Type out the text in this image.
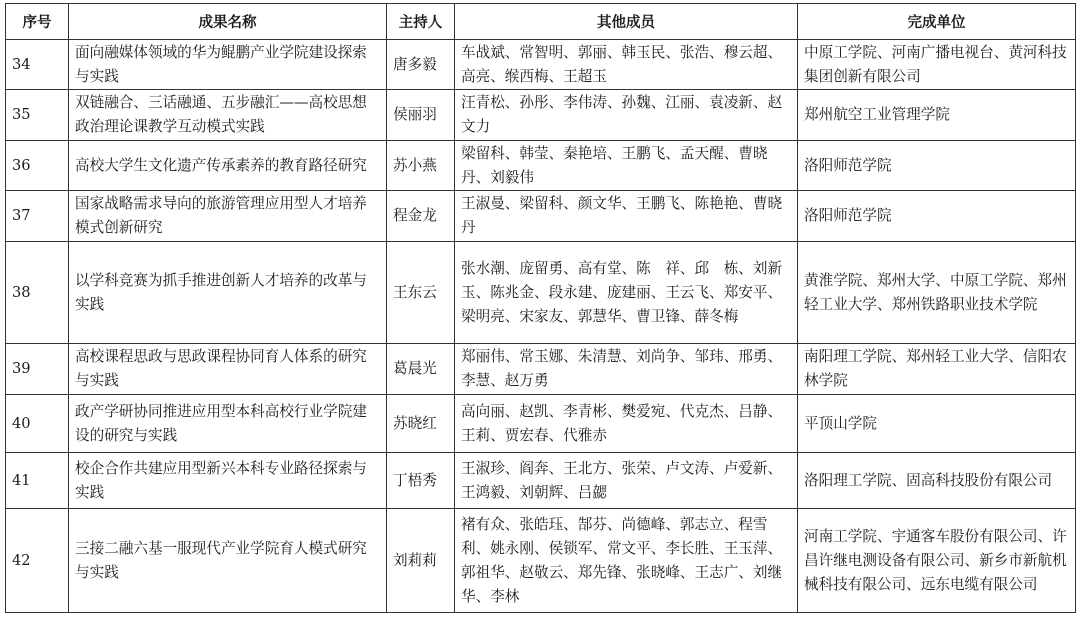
序号	成果名称	主持人	其他成员	完成单位
34	面向融媒体领域的华为鲲鹏产业学院建设探索与实践	唐多毅	车战斌、常智明、郭丽、韩玉民、张浩、穆云超、高亮、缑西梅、王超玉	中原工学院、河南广播电视台、黄河科技集团创新有限公司
35	双链融合、三话融通、五步融汇——高校思想政治理论课教学互动模式实践	侯丽羽	汪青松、孙彤、李伟涛、孙魏、江丽、袁凌新、赵文力	郑州航空工业管理学院
36	高校大学生文化遗产传承素养的教育路径研究	苏小燕	梁留科、韩莹、秦艳培、王鹏飞、孟天醒、曹晓丹、刘毅伟	洛阳师范学院
37	国家战略需求导向的旅游管理应用型人才培养模式创新研究	程金龙	王淑曼、梁留科、颜文华、王鹏飞、陈艳艳、曹晓丹	洛阳师范学院
38	以学科竞赛为抓手推进创新人才培养的改革与实践	王东云	张水潮、庞留勇、高有堂、陈　祥、邱　栋、刘新玉、陈兆金、段永建、庞建丽、王云飞、郑安平、梁明亮、宋家友、郭慧华、曹卫锋、薛冬梅	黄淮学院、郑州大学、中原工学院、郑州轻工业大学、郑州铁路职业技术学院
39	高校课程思政与思政课程协同育人体系的研究与实践	葛晨光	郑丽伟、常玉娜、朱清慧、刘尚争、邹玮、邢勇、李慧、赵万勇	南阳理工学院、郑州轻工业大学、信阳农林学院
40	政产学研协同推进应用型本科高校行业学院建设的研究与实践	苏晓红	高向丽、赵凯、李青彬、樊爱宛、代克杰、吕静、王莉、贾宏春、代雅赤	平顶山学院
41	校企合作共建应用型新兴本科专业路径探索与实践	丁梧秀	王淑珍、阎奔、王北方、张荣、卢文涛、卢爱新、王鸿毅、刘朝辉、吕勰	洛阳理工学院、固高科技股份有限公司
42	三接二融六基一服现代产业学院育人模式研究与实践	刘莉莉	褚有众、张皓珏、郜芬、尚德峰、郭志立、程雪利、姚永刚、侯锁军、常文平、李长胜、王玉萍、郭祖华、赵敬云、郑先锋、张晓峰、王志广、刘继华、李林	河南工学院、宇通客车股份有限公司、许昌许继电测设备有限公司、新乡市新航机械科技有限公司、远东电缆有限公司
